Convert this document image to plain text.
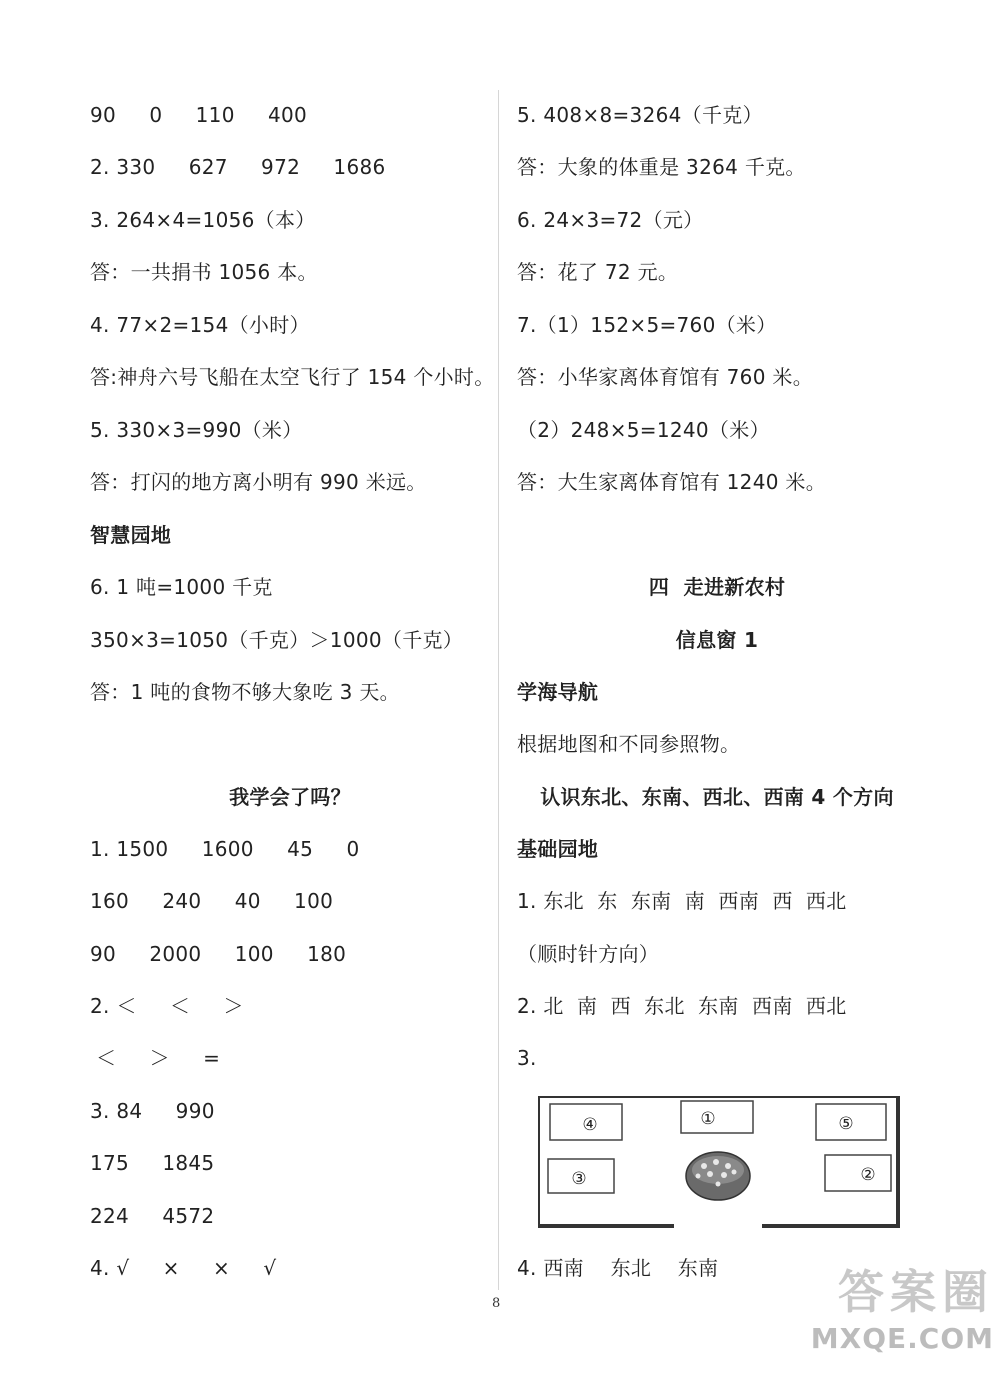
90     0     110     400
2. 330     627     972     1686
3. 264×4=1056（本）
答：一共捐书 1056 本。
4. 77×2=154（小时）
答:神舟六号飞船在太空飞行了 154 个小时。
5. 330×3=990（米）
答：打闪的地方离小明有 990 米远。
智慧园地
6. 1 吨=1000 千克
350×3=1050（千克）＞1000（千克）
答：1 吨的食物不够大象吃 3 天。
我学会了吗？
1. 1500     1600     45     0
160     240     40     100
90     2000     100     180
2. ＜     ＜     ＞
＜     ＞     =
3. 84     990
175     1845
224     4572
4. √     ×     ×     √
5. 408×8=3264（千克）
答：大象的体重是 3264 千克。
6. 24×3=72（元）
答：花了 72 元。
7.（1）152×5=760（米）
答：小华家离体育馆有 760 米。
（2）248×5=1240（米）
答：大生家离体育馆有 1240 米。
四  走进新农村
信息窗 1
学海导航
根据地图和不同参照物。
认识东北、东南、西北、西南 4 个方向
基础园地
1. 东北  东  东南  南  西南  西  西北
（顺时针方向）
2. 北  南  西  东北  东南  西南  西北
3.
4. 西南    东北    东南
④	①	⑤
③	②
8	答案圈
MXQE.COM
